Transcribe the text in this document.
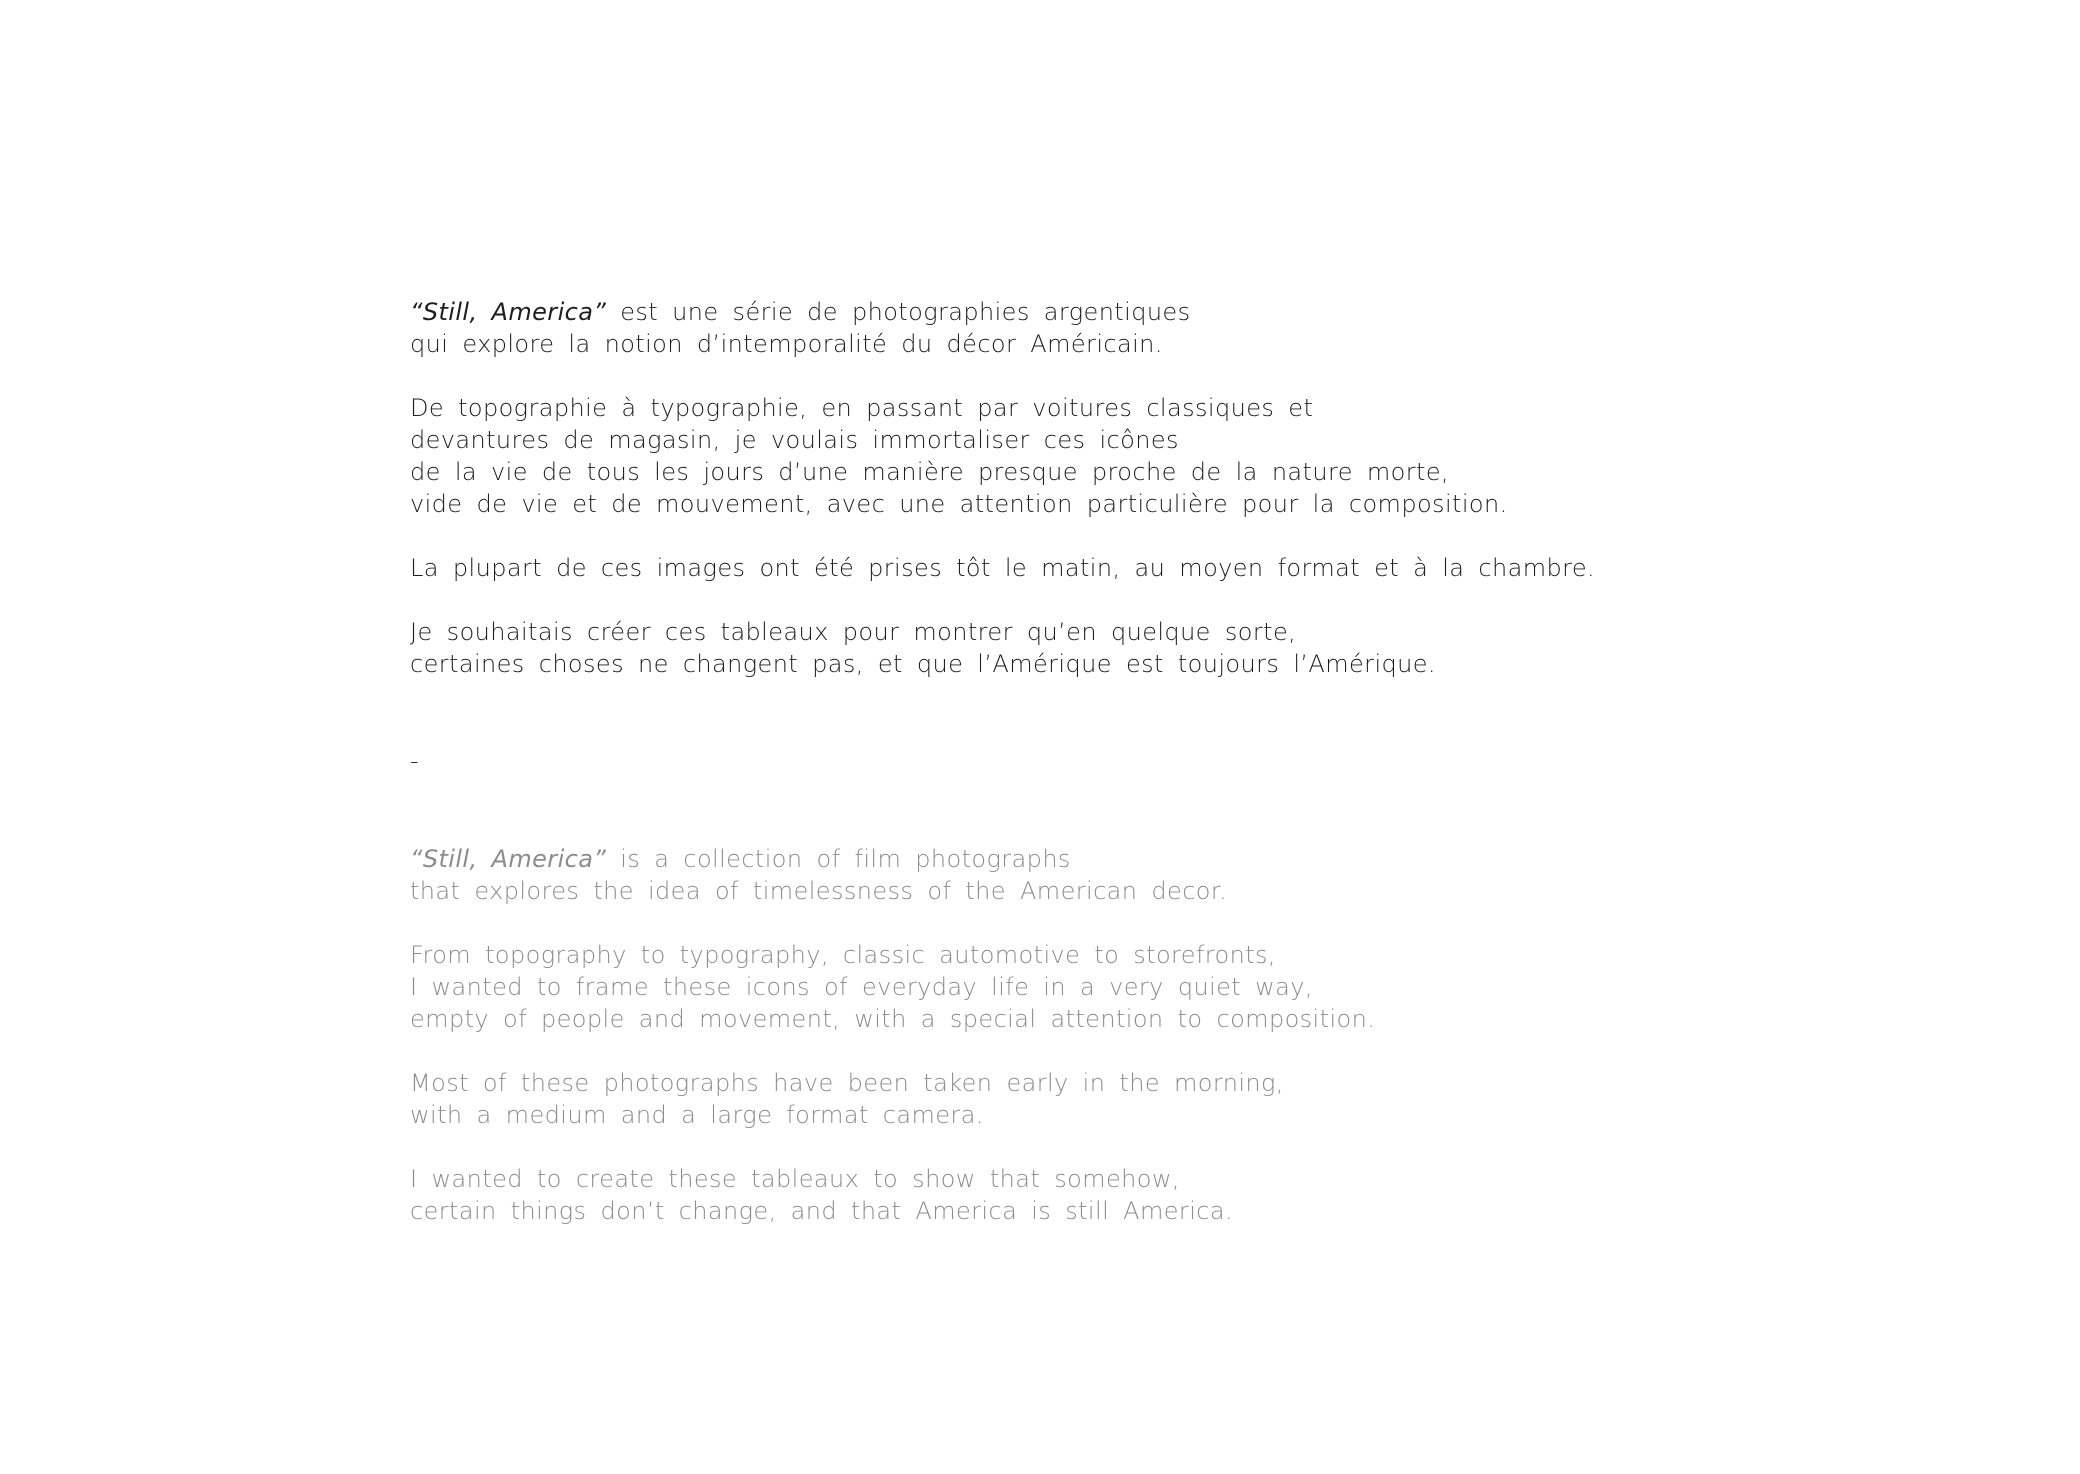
“Still, America” est une série de photographies argentiques
qui explore la notion d’intemporalité du décor Américain.

De topographie à typographie, en passant par voitures classiques et
devantures de magasin, je voulais immortaliser ces icônes
de la vie de tous les jours d’une manière presque proche de la nature morte,
vide de vie et de mouvement, avec une attention particulière pour la composition.

La plupart de ces images ont été prises tôt le matin, au moyen format et à la chambre.

Je souhaitais créer ces tableaux pour montrer qu’en quelque sorte,
certaines choses ne changent pas, et que l’Amérique est toujours l’Amérique.

-

“Still, America” is a collection of film photographs
that explores the idea of timelessness of the American decor.

From topography to typography, classic automotive to storefronts,
I wanted to frame these icons of everyday life in a very quiet way,
empty of people and movement, with a special attention to composition.

Most of these photographs have been taken early in the morning,
with a medium and a large format camera.

I wanted to create these tableaux to show that somehow,
certain things don’t change, and that America is still America.
